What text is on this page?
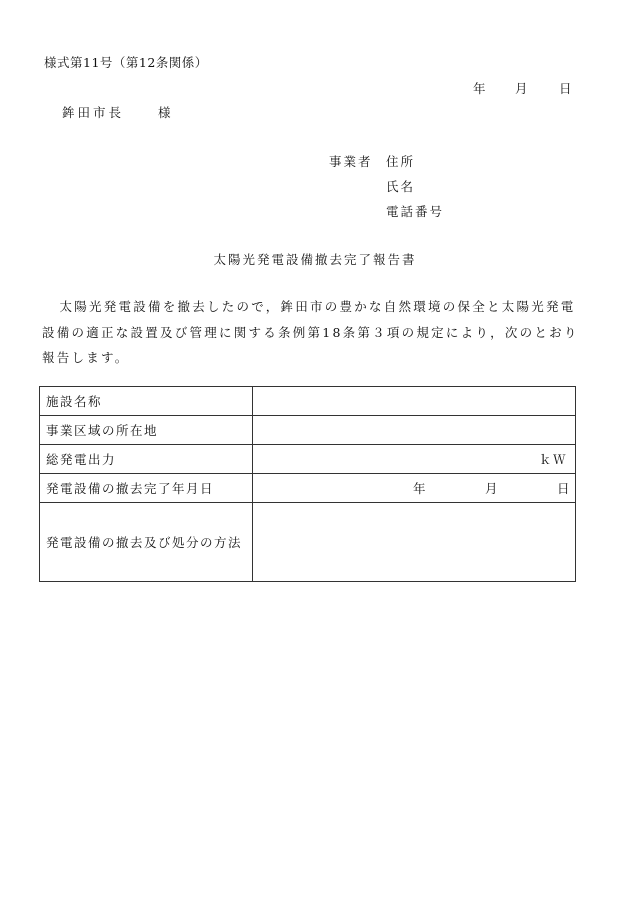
様式第11号（第12条関係）
年 月	日
鉾田市長	様
事業者 住所
氏名
電話番号
太陽光発電設備撤去完了報告書
太陽光発電設備を撤去したので，鉾田市の豊かな自然環境の保全と太陽光発電設備の適正な設置及び管理に関する条例第18条第３項の規定により，次のとおり報告します。
施設名称	
事業区域の所在地	
総発電出力	ｋＷ
発電設備の撤去完了年月日	年 月 日

発電設備の撤去及び処分の方法	
